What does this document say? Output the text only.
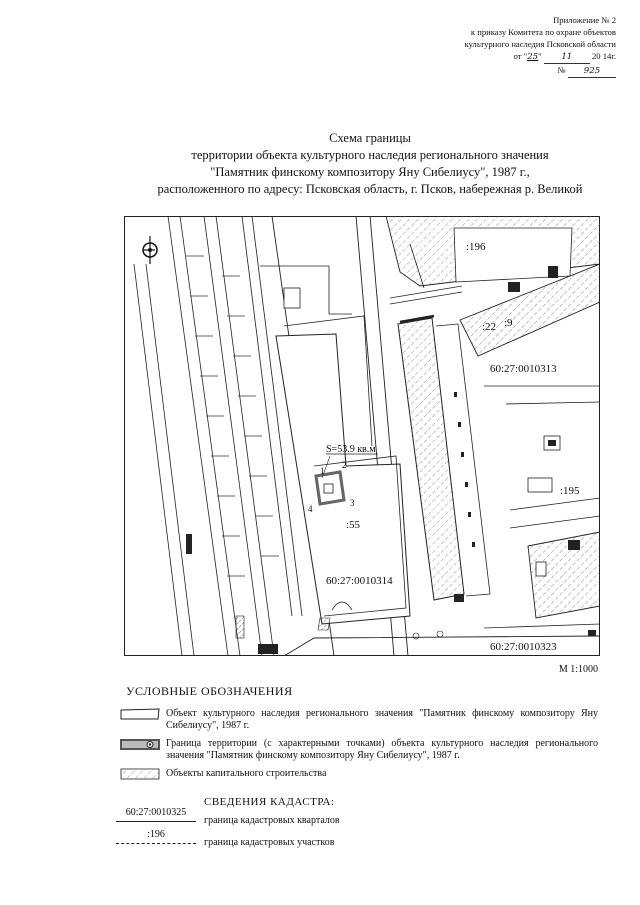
Приложение № 2
к приказу Комитета по охране объектов
культурного наследия Псковской области
от "25" 11 20 14г.
№ 925
Схема границы
территории объекта культурного наследия регионального значения
"Памятник финскому композитору Яну Сибелиусу", 1987 г.,
расположенного по адресу: Псковская область, г. Псков, набережная р. Великой
:196
:22 :9
60:27:0010313
:195
S=53.9 кв.м
4
1
2
3
:55
60:27:0010314
60:27:0010323
М 1:1000
УСЛОВНЫЕ ОБОЗНАЧЕНИЯ
Объект культурного наследия регионального значения "Памятник финскому композитору Яну Сибелиусу", 1987 г.
Граница территории (с характерными точками) объекта культурного наследия регионального значения "Памятник финскому композитору Яну Сибелиусу", 1987 г.
Объекты капитального строительства
СВЕДЕНИЯ КАДАСТРА:
60:27:0010325
граница кадастровых кварталов
:196
граница кадастровых участков
